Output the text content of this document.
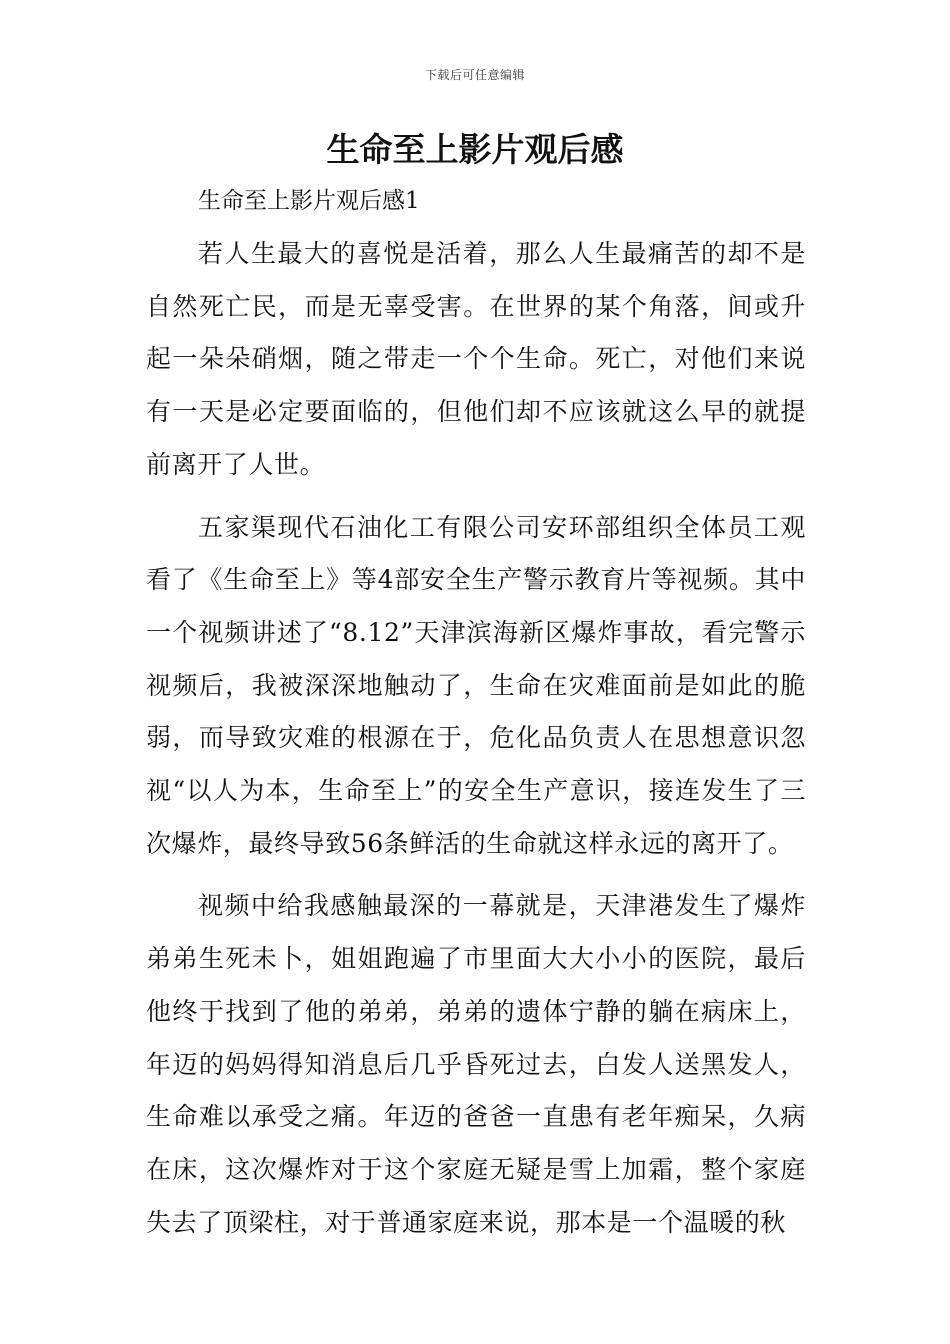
下载后可任意编辑
生命至上影片观后感
生命至上影片观后感1

若人生最大的喜悦是活着，那么人生最痛苦的却不是自然死亡民，而是无辜受害。在世界的某个角落，间或升起一朵朵硝烟，随之带走一个个生命。死亡，对他们来说有一天是必定要面临的，但他们却不应该就这么早的就提前离开了人世。

五家渠现代石油化工有限公司安环部组织全体员工观看了《生命至上》等4部安全生产警示教育片等视频。其中一个视频讲述了“8.12”天津滨海新区爆炸事故，看完警示视频后，我被深深地触动了，生命在灾难面前是如此的脆弱，而导致灾难的根源在于，危化品负责人在思想意识忽视“以人为本，生命至上”的安全生产意识，接连发生了三次爆炸，最终导致56条鲜活的生命就这样永远的离开了。

视频中给我感触最深的一幕就是，天津港发生了爆炸弟弟生死未卜，姐姐跑遍了市里面大大小小的医院，最后他终于找到了他的弟弟，弟弟的遗体宁静的躺在病床上，年迈的妈妈得知消息后几乎昏死过去，白发人送黑发人，生命难以承受之痛。年迈的爸爸一直患有老年痴呆，久病在床，这次爆炸对于这个家庭无疑是雪上加霜，整个家庭失去了顶梁柱，对于普通家庭来说，那本是一个温暖的秋
